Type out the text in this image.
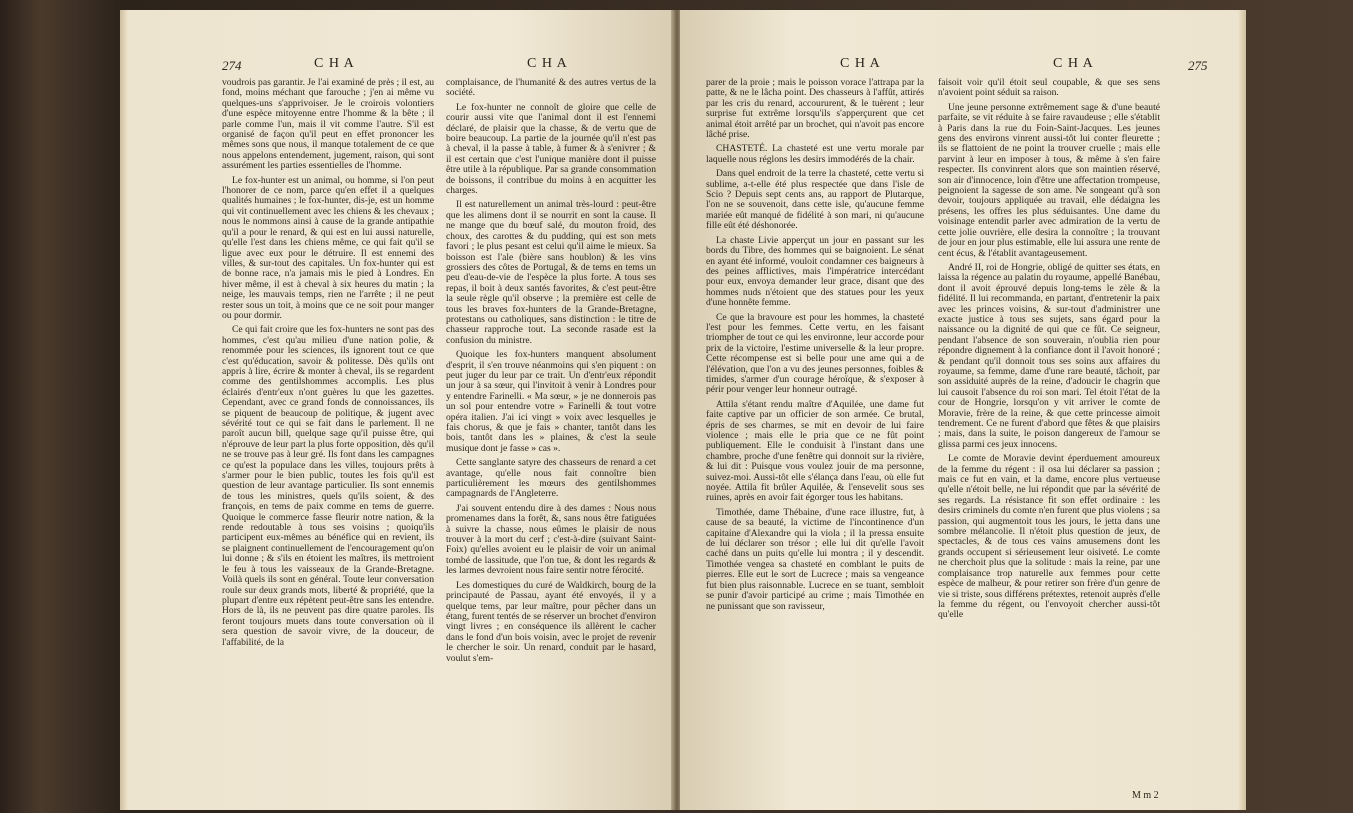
274	C H A	C H A

voudrois pas garantir. Je l'ai examiné de près ; il est, au fond, moins méchant que farouche ; j'en ai même vu quelques-uns s'apprivoiser. Je le croirois volontiers d'une espèce mitoyenne entre l'homme & la bête ; il parle comme l'un, mais il vit comme l'autre. S'il est organisé de façon qu'il peut en effet prononcer les mêmes sons que nous, il manque totalement de ce que nous appelons entendement, jugement, raison, qui sont assurément les parties essentielles de l'homme.

Le fox-hunter est un animal, ou homme, si l'on peut l'honorer de ce nom, parce qu'en effet il a quelques qualités humaines ; le fox-hunter, dis-je, est un homme qui vit continuellement avec les chiens & les chevaux ; nous le nommons ainsi à cause de la grande antipathie qu'il a pour le renard, & qui est en lui aussi naturelle, qu'elle l'est dans les chiens même, ce qui fait qu'il se ligue avec eux pour le détruire. Il est ennemi des villes, & sur-tout des capitales. Un fox-hunter qui est de bonne race, n'a jamais mis le pied à Londres. En hiver même, il est à cheval à six heures du matin ; la neige, les mauvais temps, rien ne l'arrête ; il ne peut rester sous un toit, à moins que ce ne soit pour manger ou pour dormir.

Ce qui fait croire que les fox-hunters ne sont pas des hommes, c'est qu'au milieu d'une nation polie, & renommée pour les sciences, ils ignorent tout ce que c'est qu'éducation, savoir & politesse. Dès qu'ils ont appris à lire, écrire & monter à cheval, ils se regardent comme des gentilshommes accomplis. Les plus éclairés d'entr'eux n'ont guères lu que les gazettes. Cependant, avec ce grand fonds de connoissances, ils se piquent de beaucoup de politique, & jugent avec sévérité tout ce qui se fait dans le parlement. Il ne paroît aucun bill, quelque sage qu'il puisse être, qui n'éprouve de leur part la plus forte opposition, dès qu'il ne se trouve pas à leur gré. Ils font dans les campagnes ce qu'est la populace dans les villes, toujours prêts à s'armer pour le bien public, toutes les fois qu'il est question de leur avantage particulier. Ils sont ennemis de tous les ministres, quels qu'ils soient, & des françois, en tems de paix comme en tems de guerre. Quoique le commerce fasse fleurir notre nation, & la rende redoutable à tous ses voisins ; quoiqu'ils participent eux-mêmes au bénéfice qui en revient, ils se plaignent continuellement de l'encouragement qu'on lui donne ; & s'ils en étoient les maîtres, ils mettroient le feu à tous les vaisseaux de la Grande-Bretagne. Voilà quels ils sont en général. Toute leur conversation roule sur deux grands mots, liberté & propriété, que la plupart d'entre eux répètent peut-être sans les entendre. Hors de là, ils ne peuvent pas dire quatre paroles. Ils feront toujours muets dans toute conversation où il sera question de savoir vivre, de la douceur, de l'affabilité, de la

complaisance, de l'humanité & des autres vertus de la société.

Le fox-hunter ne connoît de gloire que celle de courir aussi vite que l'animal dont il est l'ennemi déclaré, de plaisir que la chasse, & de vertu que de boire beaucoup. La partie de la journée qu'il n'est pas à cheval, il la passe à table, à fumer & à s'enivrer ; & il est certain que c'est l'unique manière dont il puisse être utile à la république. Par sa grande consommation de boissons, il contribue du moins à en acquitter les charges.

Il est naturellement un animal très-lourd : peut-être que les alimens dont il se nourrit en sont la cause. Il ne mange que du bœuf salé, du mouton froid, des choux, des carottes & du pudding, qui est son mets favori ; le plus pesant est celui qu'il aime le mieux. Sa boisson est l'ale (bière sans houblon) & les vins grossiers des côtes de Portugal, & de tems en tems un peu d'eau-de-vie de l'espèce la plus forte. A tous ses repas, il boit à deux santés favorites, & c'est peut-être la seule règle qu'il observe ; la première est celle de tous les braves fox-hunters de la Grande-Bretagne, protestans ou catholiques, sans distinction : le titre de chasseur rapproche tout. La seconde rasade est la confusion du ministre.

Quoique les fox-hunters manquent absolument d'esprit, il s'en trouve néanmoins qui s'en piquent : on peut juger du leur par ce trait. Un d'entr'eux répondit un jour à sa sœur, qui l'invitoit à venir à Londres pour y entendre Farinelli. « Ma sœur, » je ne donnerois pas un sol pour entendre votre » Farinelli & tout votre opéra italien. J'ai ici vingt » voix avec lesquelles je fais chorus, & que je fais » chanter, tantôt dans les bois, tantôt dans les » plaines, & c'est la seule musique dont je fasse » cas ».

Cette sanglante satyre des chasseurs de renard a cet avantage, qu'elle nous fait connoître bien particulièrement les mœurs des gentilshommes campagnards de l'Angleterre.

J'ai souvent entendu dire à des dames : Nous nous promenames dans la forêt, &, sans nous être fatiguées à suivre la chasse, nous eûmes le plaisir de nous trouver à la mort du cerf ; c'est-à-dire (suivant Saint-Foix) qu'elles avoient eu le plaisir de voir un animal tombé de lassitude, que l'on tue, & dont les regards & les larmes devroient nous faire sentir notre férocité.

Les domestiques du curé de Waldkirch, bourg de la principauté de Passau, ayant été envoyés, il y a quelque tems, par leur maître, pour pêcher dans un étang, furent tentés de se réserver un brochet d'environ vingt livres ; en conséquence ils allèrent le cacher dans le fond d'un bois voisin, avec le projet de revenir le chercher le soir. Un renard, conduit par le hasard, voulut s'em-

C H A	C H A	275

parer de la proie ; mais le poisson vorace l'attrapa par la patte, & ne le lâcha point. Des chasseurs à l'affût, attirés par les cris du renard, accoururent, & le tuèrent ; leur surprise fut extrême lorsqu'ils s'apperçurent que cet animal étoit arrêté par un brochet, qui n'avoit pas encore lâché prise.

CHASTETÉ. La chasteté est une vertu morale par laquelle nous réglons les desirs immodérés de la chair.

Dans quel endroit de la terre la chasteté, cette vertu si sublime, a-t-elle été plus respectée que dans l'isle de Scio ? Depuis sept cents ans, au rapport de Plutarque, l'on ne se souvenoit, dans cette isle, qu'aucune femme mariée eût manqué de fidélité à son mari, ni qu'aucune fille eût été déshonorée.

La chaste Livie apperçut un jour en passant sur les bords du Tibre, des hommes qui se baignoient. Le sénat en ayant été informé, vouloit condamner ces baigneurs à des peines afflictives, mais l'impératrice intercédant pour eux, envoya demander leur grace, disant que des hommes nuds n'étoient que des statues pour les yeux d'une honnête femme.

Ce que la bravoure est pour les hommes, la chasteté l'est pour les femmes. Cette vertu, en les faisant triompher de tout ce qui les environne, leur accorde pour prix de la victoire, l'estime universelle & la leur propre. Cette récompense est si belle pour une ame qui a de l'élévation, que l'on a vu des jeunes personnes, foibles & timides, s'armer d'un courage héroïque, & s'exposer à périr pour venger leur honneur outragé.

Attila s'étant rendu maître d'Aquilée, une dame fut faite captive par un officier de son armée. Ce brutal, épris de ses charmes, se mit en devoir de lui faire violence ; mais elle le pria que ce ne fût point publiquement. Elle le conduisit à l'instant dans une chambre, proche d'une fenêtre qui donnoit sur la rivière, & lui dit : Puisque vous voulez jouir de ma personne, suivez-moi. Aussi-tôt elle s'élança dans l'eau, où elle fut noyée. Attila fit brûler Aquilée, & l'ensevelit sous ses ruines, après en avoir fait égorger tous les habitans.

Timothée, dame Thébaine, d'une race illustre, fut, à cause de sa beauté, la victime de l'incontinence d'un capitaine d'Alexandre qui la viola ; il la pressa ensuite de lui déclarer son trésor ; elle lui dit qu'elle l'avoit caché dans un puits qu'elle lui montra ; il y descendit. Timothée vengea sa chasteté en comblant le puits de pierres. Elle eut le sort de Lucrece ; mais sa vengeance fut bien plus raisonnable. Lucrece en se tuant, sembloit se punir d'avoir participé au crime ; mais Timothée en ne punissant que son ravisseur,

faisoit voir qu'il étoit seul coupable, & que ses sens n'avoient point séduit sa raison.

Une jeune personne extrêmement sage & d'une beauté parfaite, se vit réduite à se faire ravaudeuse ; elle s'établit à Paris dans la rue du Foin-Saint-Jacques. Les jeunes gens des environs vinrent aussi-tôt lui conter fleurette ; ils se flattoient de ne point la trouver cruelle ; mais elle parvint à leur en imposer à tous, & même à s'en faire respecter. Ils convinrent alors que son maintien réservé, son air d'innocence, loin d'être une affectation trompeuse, peignoient la sagesse de son ame. Ne songeant qu'à son devoir, toujours appliquée au travail, elle dédaigna les présens, les offres les plus séduisantes. Une dame du voisinage entendit parler avec admiration de la vertu de cette jolie ouvrière, elle desira la connoître ; la trouvant de jour en jour plus estimable, elle lui assura une rente de cent écus, & l'établit avantageusement.

André II, roi de Hongrie, obligé de quitter ses états, en laissa la régence au palatin du royaume, appellé Banébau, dont il avoit éprouvé depuis long-tems le zèle & la fidélité. Il lui recommanda, en partant, d'entretenir la paix avec les princes voisins, & sur-tout d'administrer une exacte justice à tous ses sujets, sans égard pour la naissance ou la dignité de qui que ce fût. Ce seigneur, pendant l'absence de son souverain, n'oublia rien pour répondre dignement à la confiance dont il l'avoit honoré ; & pendant qu'il donnoit tous ses soins aux affaires du royaume, sa femme, dame d'une rare beauté, tâchoit, par son assiduité auprès de la reine, d'adoucir le chagrin que lui causoit l'absence du roi son mari. Tel étoit l'état de la cour de Hongrie, lorsqu'on y vit arriver le comte de Moravie, frère de la reine, & que cette princesse aimoit tendrement. Ce ne furent d'abord que fêtes & que plaisirs ; mais, dans la suite, le poison dangereux de l'amour se glissa parmi ces jeux innocens.

Le comte de Moravie devint éperduement amoureux de la femme du régent : il osa lui déclarer sa passion ; mais ce fut en vain, et la dame, encore plus vertueuse qu'elle n'étoit belle, ne lui répondit que par la sévérité de ses regards. La résistance fit son effet ordinaire : les desirs criminels du comte n'en furent que plus violens ; sa passion, qui augmentoit tous les jours, le jetta dans une sombre mélancolie. Il n'étoit plus question de jeux, de spectacles, & de tous ces vains amusemens dont les grands occupent si sérieusement leur oisiveté. Le comte ne cherchoit plus que la solitude : mais la reine, par une complaisance trop naturelle aux femmes pour cette espèce de malheur, & pour retirer son frère d'un genre de vie si triste, sous différens prétextes, retenoit auprès d'elle la femme du régent, ou l'envoyoit chercher aussi-tôt qu'elle

M m 2
